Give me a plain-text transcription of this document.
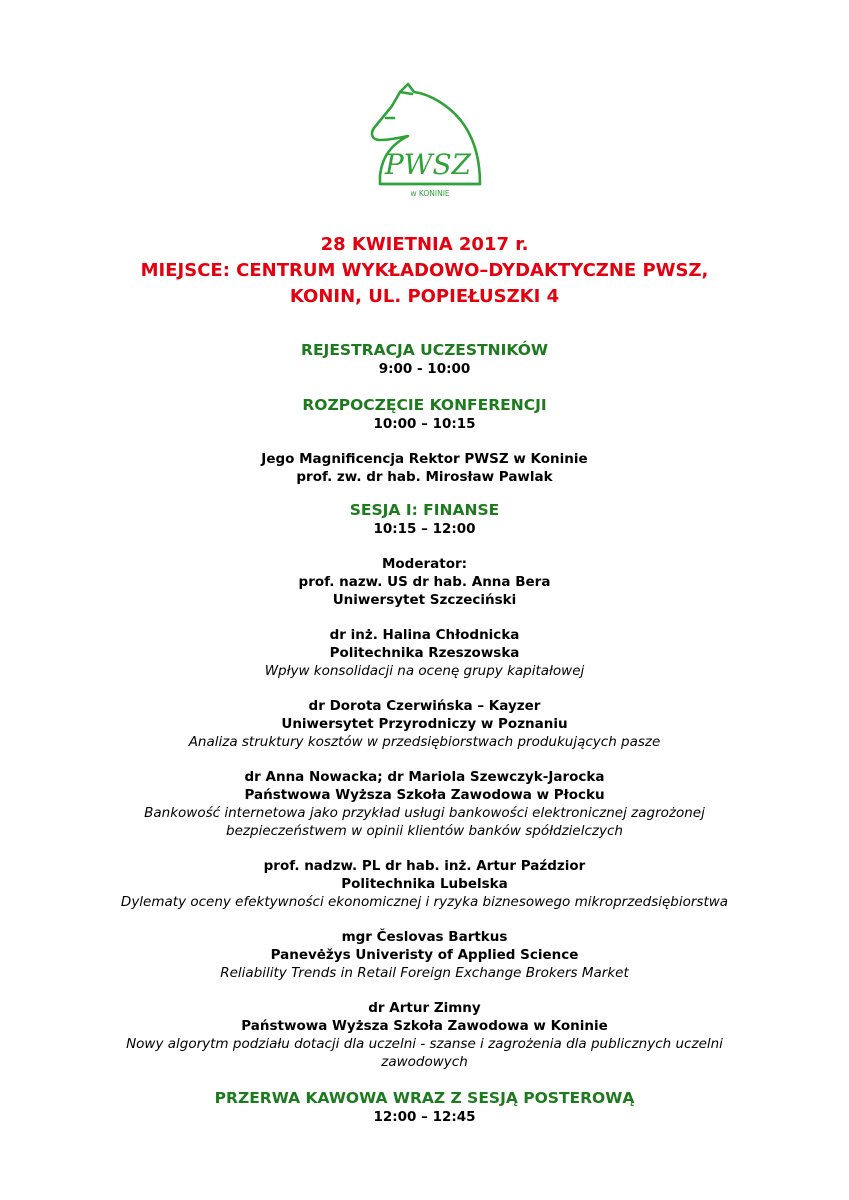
PWSZ
w KONINIE
28 KWIETNIA 2017 r.
MIEJSCE: CENTRUM WYKŁADOWO–DYDAKTYCZNE PWSZ,
KONIN, UL. POPIEŁUSZKI 4
REJESTRACJA UCZESTNIKÓW
9:00 - 10:00
ROZPOCZĘCIE KONFERENCJI
10:00 – 10:15
Jego Magnificencja Rektor PWSZ w Koninie
prof. zw. dr hab. Mirosław Pawlak
SESJA I: FINANSE
10:15 – 12:00
Moderator:
prof. nazw. US dr hab. Anna Bera
Uniwersytet Szczeciński
dr inż. Halina Chłodnicka
Politechnika Rzeszowska
Wpływ konsolidacji na ocenę grupy kapitałowej
dr Dorota Czerwińska – Kayzer
Uniwersytet Przyrodniczy w Poznaniu
Analiza struktury kosztów w przedsiębiorstwach produkujących pasze
dr Anna Nowacka; dr Mariola Szewczyk-Jarocka
Państwowa Wyższa Szkoła Zawodowa w Płocku
Bankowość internetowa jako przykład usługi bankowości elektronicznej zagrożonej
bezpieczeństwem w opinii klientów banków spółdzielczych
prof. nadzw. PL dr hab. inż. Artur Paździor
Politechnika Lubelska
Dylematy oceny efektywności ekonomicznej i ryzyka biznesowego mikroprzedsiębiorstwa
mgr Česlovas Bartkus
Panevėžys Univeristy of Applied Science
Reliability Trends in Retail Foreign Exchange Brokers Market
dr Artur Zimny
Państwowa Wyższa Szkoła Zawodowa w Koninie
Nowy algorytm podziału dotacji dla uczelni - szanse i zagrożenia dla publicznych uczelni
zawodowych
PRZERWA KAWOWA WRAZ Z SESJĄ POSTEROWĄ
12:00 – 12:45
